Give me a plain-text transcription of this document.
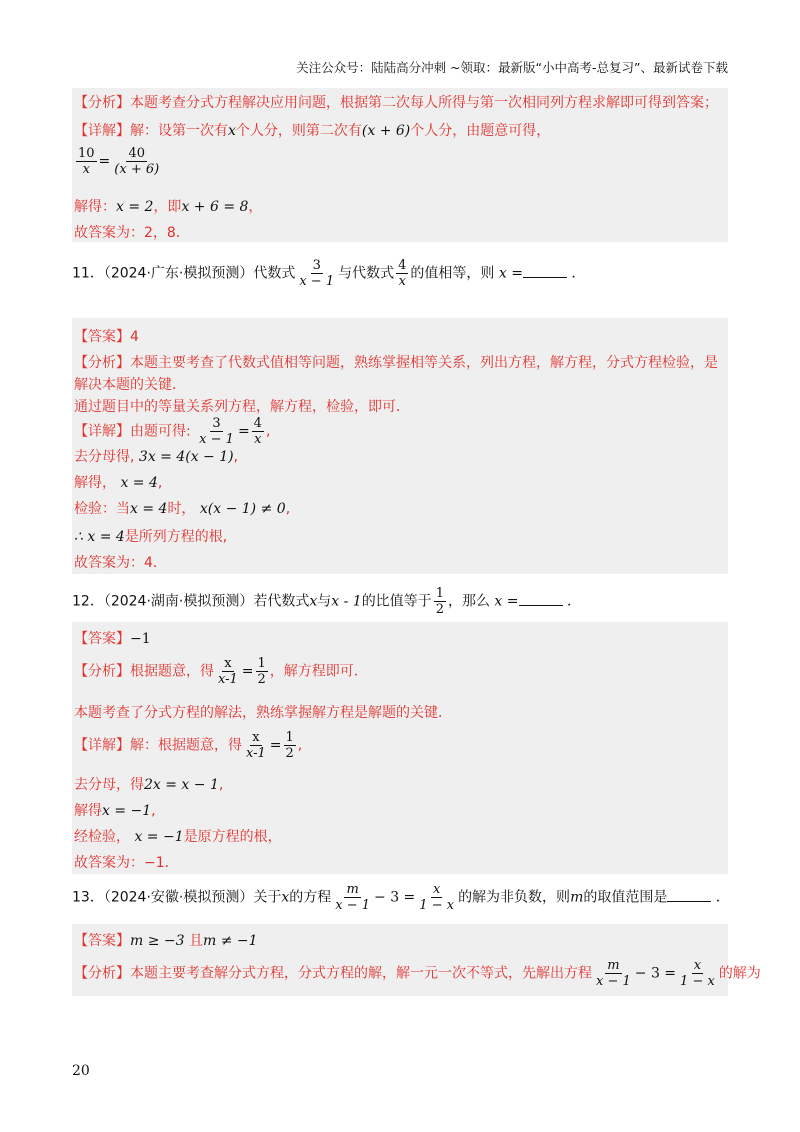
关注公众号：陆陆高分冲刺 ~领取：最新版“小中高考-总复习”、最新试卷下载
【分析】本题考查分式方程解决应用问题，根据第二次每人所得与第一次相同列方程求解即可得到答案；
【详解】解：设第一次有x个人分，则第二次有(x + 6)个人分，由题意可得，
$\frac{10}{x} = \frac{40}{(x + 6)}$
解得：x = 2，即x + 6 = 8，
故答案为：2，8．
11．（2024·广东·模拟预测）代数式 $\frac{3}{x - 1}$ 与代数式 $\frac{4}{x}$ 的值相等，则 x =	．
【答案】4
【分析】本题主要考查了代数式值相等问题，熟练掌握相等关系，列出方程，解方程，分式方程检验，是
解决本题的关键．
通过题目中的等量关系列方程，解方程，检验，即可．
【详解】由题可得: $\frac{3}{x - 1} = \frac{4}{x}$ ,
去分母得, 3x = 4(x − 1),
解得， x = 4,
检验：当x = 4时， x(x − 1) ≠ 0,
∴ x = 4是所列方程的根,
故答案为：4．
12．（2024·湖南·模拟预测）若代数式x与x - 1的比值等于 $\frac{1}{2}$ ，那么 x =	．
【答案】−1
【分析】根据题意，得 $\frac{x}{x-1} = \frac{1}{2}$ ，解方程即可．
本题考查了分式方程的解法，熟练掌握解方程是解题的关键．
【详解】解：根据题意，得 $\frac{x}{x-1} = \frac{1}{2}$ ,
去分母，得2x = x − 1,
解得x = −1,
经检验， x = −1是原方程的根，
故答案为：−1．
13．（2024·安徽·模拟预测）关于x的方程 $\frac{m}{x - 1} - 3 = \frac{x}{1 - x}$ 的解为非负数，则m的取值范围是	．
【答案】m ≥ −3 且m ≠ −1
【分析】本题主要考查解分式方程，分式方程的解，解一元一次不等式，先解出方程 $\frac{m}{x - 1} - 3 = \frac{x}{1 - x}$ 的解为
20
